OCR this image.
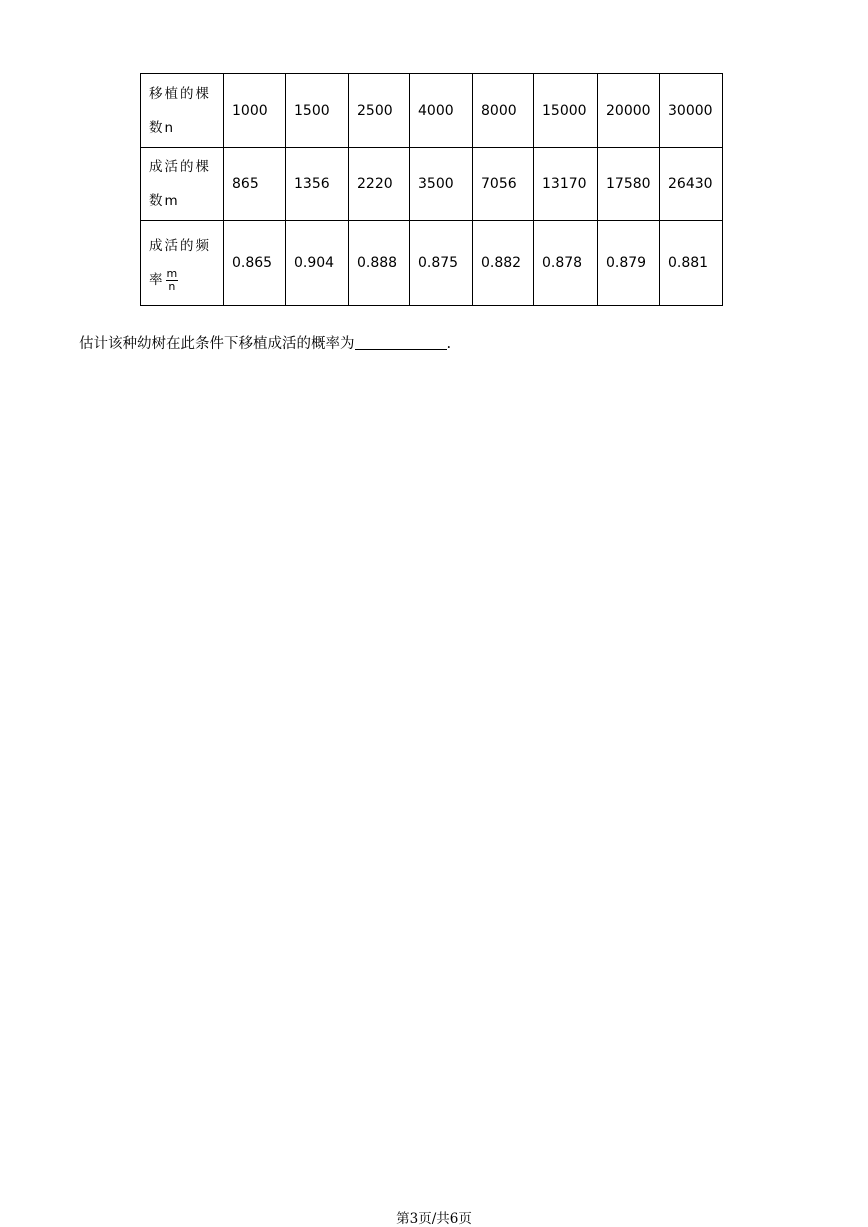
移植的棵
数n	1000	1500	2500	4000	8000	15000	20000	30000
成活的棵
数m	865	1356	2220	3500	7056	13170	17580	26430
成活的频
率 $\frac{m}{n}$	0.865	0.904	0.888	0.875	0.882	0.878	0.879	0.881
估计该种幼树在此条件下移植成活的概率为	.
第3页/共6页
